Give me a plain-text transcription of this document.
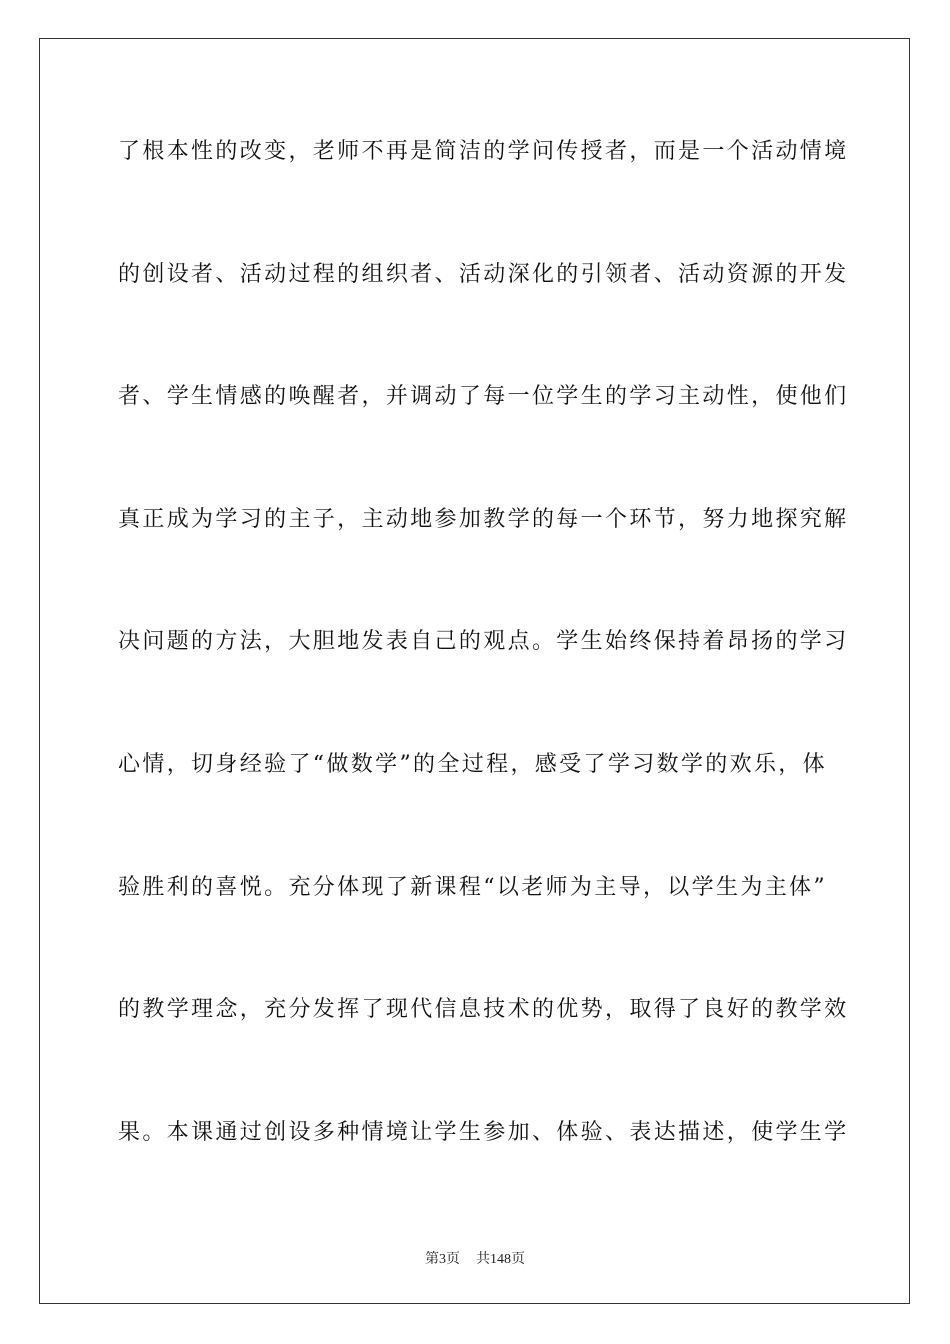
了根本性的改变，老师不再是简洁的学问传授者，而是一个活动情境
的创设者、活动过程的组织者、活动深化的引领者、活动资源的开发
者、学生情感的唤醒者，并调动了每一位学生的学习主动性，使他们
真正成为学习的主子，主动地参加教学的每一个环节，努力地探究解
决问题的方法，大胆地发表自己的观点。学生始终保持着昂扬的学习
心情，切身经验了“做数学”的全过程，感受了学习数学的欢乐，体
验胜利的喜悦。充分体现了新课程“以老师为主导，以学生为主体”
的教学理念，充分发挥了现代信息技术的优势，取得了良好的教学效
果。本课通过创设多种情境让学生参加、体验、表达描述，使学生学
第3页 共148页
